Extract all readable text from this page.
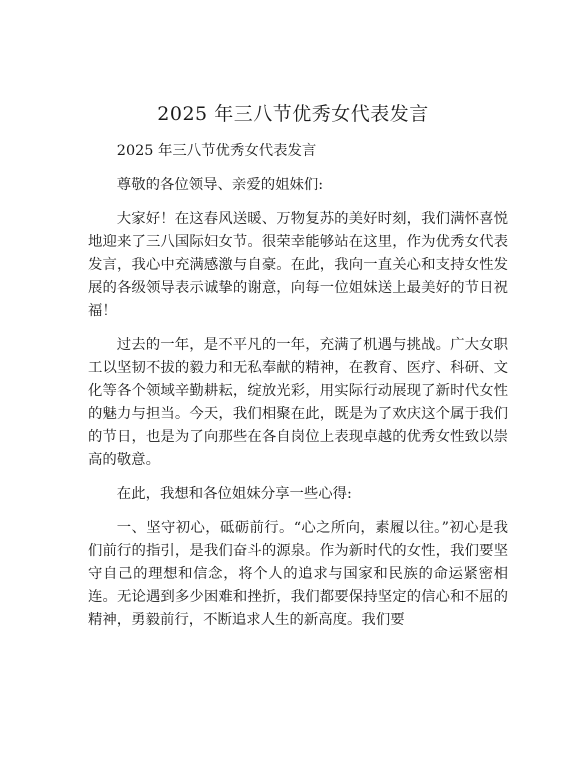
2025 年三八节优秀女代表发言

2025 年三八节优秀女代表发言

尊敬的各位领导、亲爱的姐妹们:

大家好！在这春风送暖、万物复苏的美好时刻，我们满怀喜悦地迎来了三八国际妇女节。很荣幸能够站在这里，作为优秀女代表发言，我心中充满感激与自豪。在此，我向一直关心和支持女性发展的各级领导表示诚挚的谢意，向每一位姐妹送上最美好的节日祝福！

过去的一年，是不平凡的一年，充满了机遇与挑战。广大女职工以坚韧不拔的毅力和无私奉献的精神，在教育、医疗、科研、文化等各个领域辛勤耕耘，绽放光彩，用实际行动展现了新时代女性的魅力与担当。今天，我们相聚在此，既是为了欢庆这个属于我们的节日，也是为了向那些在各自岗位上表现卓越的优秀女性致以崇高的敬意。

在此，我想和各位姐妹分享一些心得:

一、坚守初心，砥砺前行。“心之所向，素履以往。”初心是我们前行的指引，是我们奋斗的源泉。作为新时代的女性，我们要坚守自己的理想和信念，将个人的追求与国家和民族的命运紧密相连。无论遇到多少困难和挫折，我们都要保持坚定的信心和不屈的精神，勇毅前行，不断追求人生的新高度。我们要
